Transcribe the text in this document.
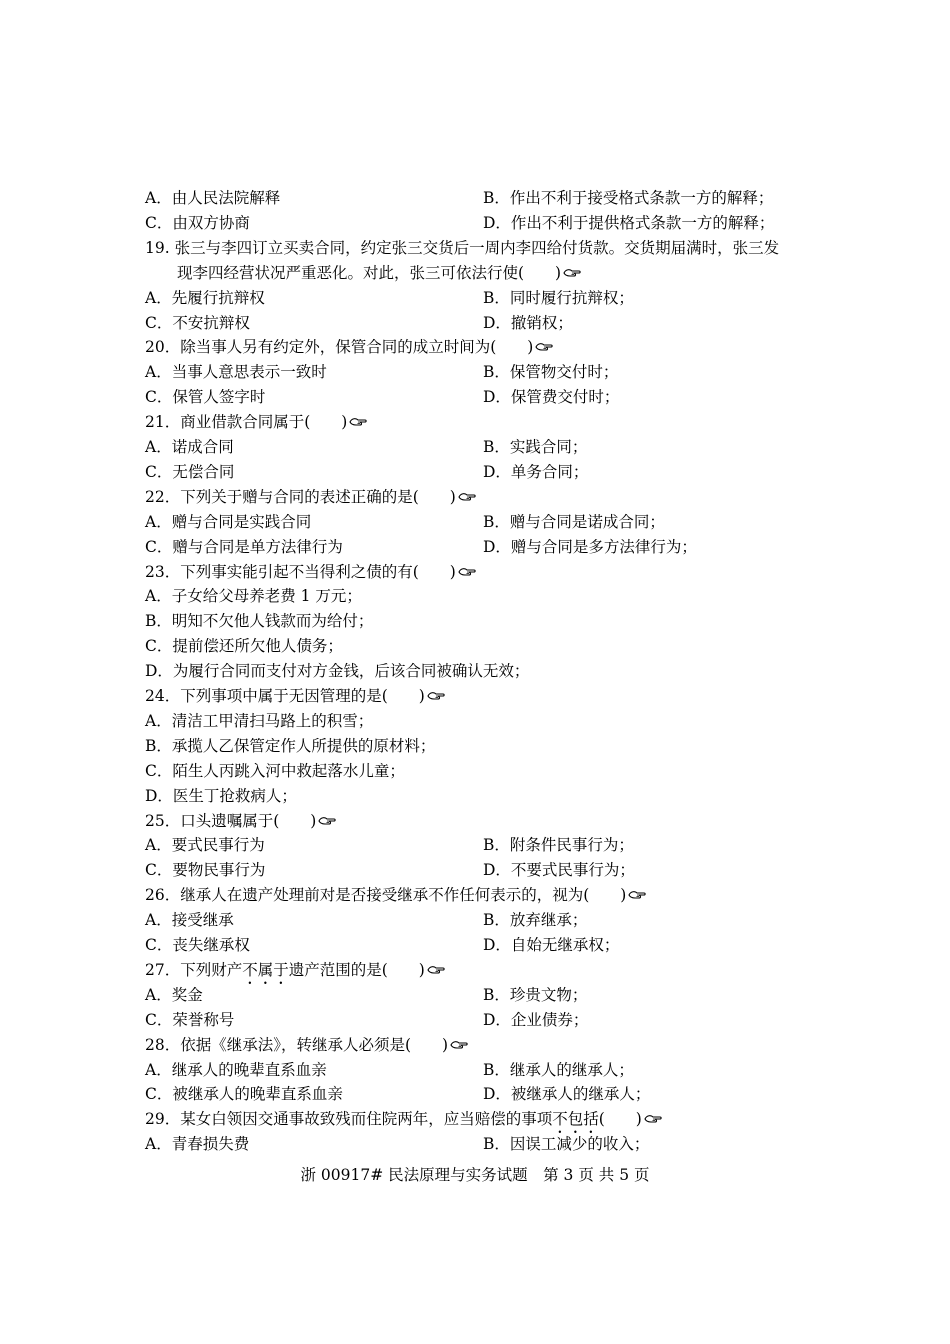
A．由人民法院解释	B．作出不利于接受格式条款一方的解释；
C．由双方协商	D．作出不利于提供格式条款一方的解释；
19. 张三与李四订立买卖合同，约定张三交货后一周内李四给付货款。交货期届满时，张三发
现李四经营状况严重恶化。对此，张三可依法行使(　　)
A．先履行抗辩权	B．同时履行抗辩权；
C．不安抗辩权	D．撤销权；
20．除当事人另有约定外，保管合同的成立时间为(　　)
A．当事人意思表示一致时	B．保管物交付时；
C．保管人签字时	D．保管费交付时；
21．商业借款合同属于(　　)
A．诺成合同	B．实践合同；
C．无偿合同	D．单务合同；
22．下列关于赠与合同的表述正确的是(　　)
A．赠与合同是实践合同	B．赠与合同是诺成合同；
C．赠与合同是单方法律行为	D．赠与合同是多方法律行为；
23．下列事实能引起不当得利之债的有(　　)
A．子女给父母养老费 1 万元；
B．明知不欠他人钱款而为给付；
C．提前偿还所欠他人债务；
D．为履行合同而支付对方金钱，后该合同被确认无效；
24．下列事项中属于无因管理的是(　　)
A．清洁工甲清扫马路上的积雪；
B．承揽人乙保管定作人所提供的原材料；
C．陌生人丙跳入河中救起落水儿童；
D．医生丁抢救病人；
25．口头遗嘱属于(　　)
A．要式民事行为	B．附条件民事行为；
C．要物民事行为	D．不要式民事行为；
26．继承人在遗产处理前对是否接受继承不作任何表示的，视为(　　)
A．接受继承	B．放弃继承；
C．丧失继承权	D．自始无继承权；
27．下列财产不属于遗产范围的是(　　)
A．奖金	B．珍贵文物；
C．荣誉称号	D．企业债券；
28．依据《继承法》，转继承人必须是(　　)
A．继承人的晚辈直系血亲	B．继承人的继承人；
C．被继承人的晚辈直系血亲	D．被继承人的继承人；
29．某女白领因交通事故致残而住院两年，应当赔偿的事项不包括(　　)
A．青春损失费	B．因误工减少的收入；
浙 00917# 民法原理与实务试题　第 3 页 共 5 页
